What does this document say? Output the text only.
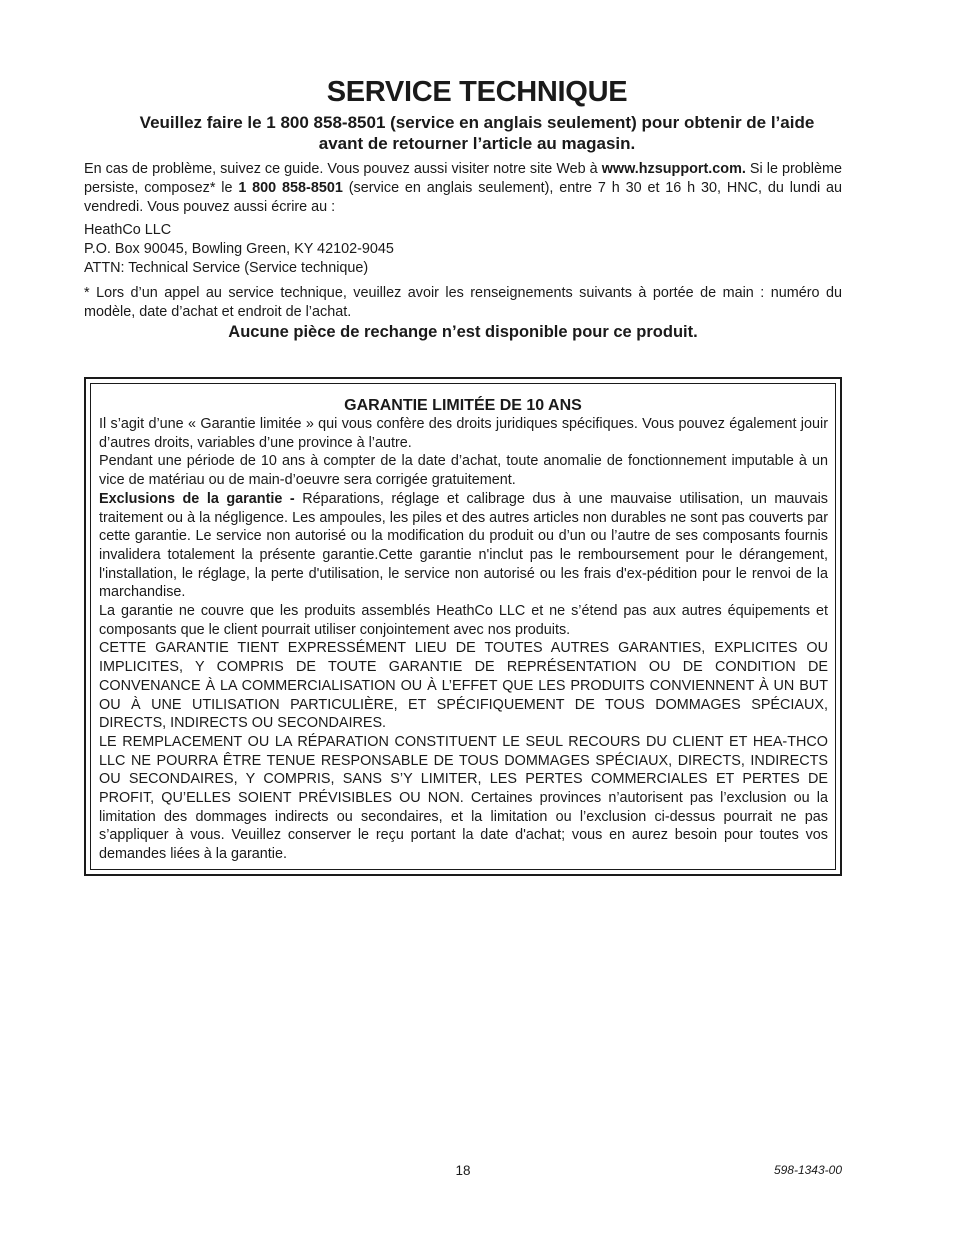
SERVICE TECHNIQUE
Veuillez faire le 1 800 858-8501 (service en anglais seulement) pour obtenir de l’aide
avant de retourner l’article au magasin.

En cas de problème, suivez ce guide. Vous pouvez aussi visiter notre site Web à www.hzsupport.com. Si le problème persiste, composez* le 1 800 858-8501 (service en anglais seulement), entre 7 h 30 et 16 h 30, HNC, du lundi au vendredi. Vous pouvez aussi écrire au :

HeathCo LLC
P.O. Box 90045, Bowling Green, KY 42102-9045
ATTN: Technical Service (Service technique)

* Lors d’un appel au service technique, veuillez avoir les renseignements suivants à portée de main : numéro du modèle, date d’achat et endroit de l’achat.

Aucune pièce de rechange n’est disponible pour ce produit.

GARANTIE LIMITÉE DE 10 ANS

Il s’agit d’une « Garantie limitée » qui vous confère des droits juridiques spécifiques. Vous pouvez également jouir d’autres droits, variables d’une province à l’autre.

Pendant une période de 10 ans à compter de la date d’achat, toute anomalie de fonctionnement imputable à un vice de matériau ou de main-d’oeuvre sera corrigée gratuitement.

Exclusions de la garantie - Réparations, réglage et calibrage dus à une mauvaise utilisation, un mauvais traitement ou à la négligence. Les ampoules, les piles et des autres articles non durables ne sont pas couverts par cette garantie. Le service non autorisé ou la modification du produit ou d’un ou l’autre de ses composants fournis invalidera totalement la présente garantie.Cette garantie n'inclut pas le remboursement pour le dérangement, l'installation, le réglage, la perte d'utilisation, le service non autorisé ou les frais d'ex-pédition pour le renvoi de la marchandise.

La garantie ne couvre que les produits assemblés HeathCo LLC et ne s’étend pas aux autres équipements et composants que le client pourrait utiliser conjointement avec nos produits.

CETTE GARANTIE TIENT EXPRESSÉMENT LIEU DE TOUTES AUTRES GARANTIES, EXPLICITES OU IMPLICITES, Y COMPRIS DE TOUTE GARANTIE DE REPRÉSENTATION OU DE CONDITION DE CONVENANCE À LA COMMERCIALISATION OU À L’EFFET QUE LES PRODUITS CONVIENNENT À UN BUT OU À UNE UTILISATION PARTICULIÈRE, ET SPÉCIFIQUEMENT DE TOUS DOMMAGES SPÉCIAUX, DIRECTS, INDIRECTS OU SECONDAIRES.

LE REMPLACEMENT OU LA RÉPARATION CONSTITUENT LE SEUL RECOURS DU CLIENT ET HEA-THCO LLC NE POURRA ÊTRE TENUE RESPONSABLE DE TOUS DOMMAGES SPÉCIAUX, DIRECTS, INDIRECTS OU SECONDAIRES, Y COMPRIS, SANS S’Y LIMITER, LES PERTES COMMERCIALES ET PERTES DE PROFIT, QU’ELLES SOIENT PRÉVISIBLES OU NON. Certaines provinces n’autorisent pas l’exclusion ou la limitation des dommages indirects ou secondaires, et la limitation ou l’exclusion ci-dessus pourrait ne pas s’appliquer à vous. Veuillez conserver le reçu portant la date d'achat; vous en aurez besoin pour toutes vos demandes liées à la garantie.

18	598-1343-00
